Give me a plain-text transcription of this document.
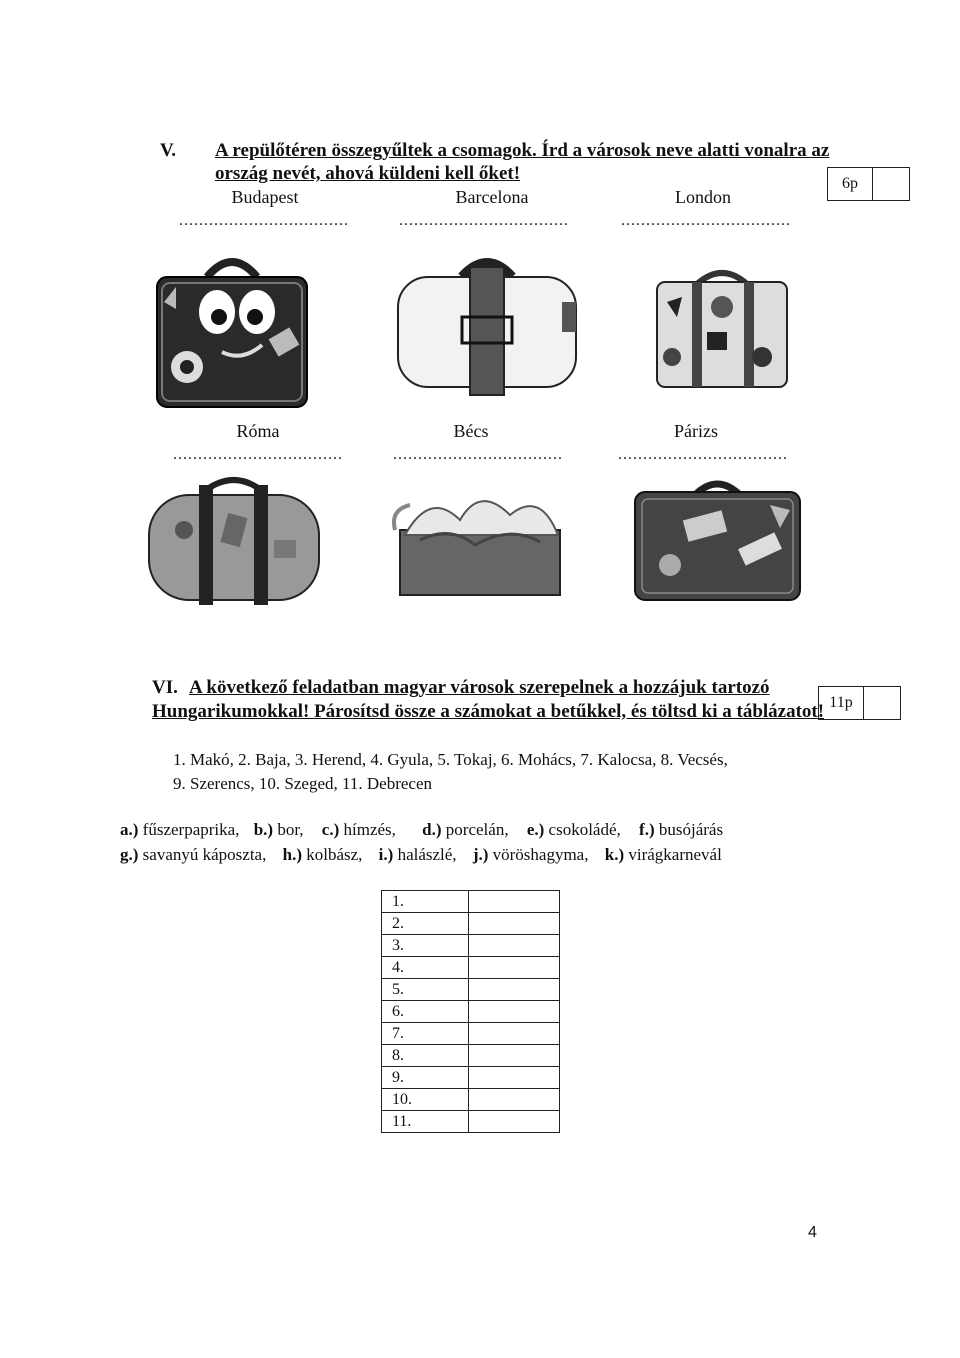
V. A repülőtéren összegyűltek a csomagok. Írd a városok neve alatti vonalra az
ország nevét, ahová küldeni kell őket!	6p
Budapest	Barcelona	London
..................................	..................................	..................................
Róma	Bécs	Párizs
..................................	..................................	..................................
VI. A következő feladatban magyar városok szerepelnek a hozzájuk tartozó
Hungarikumokkal! Párosítsd össze a számokat a betűkkel, és töltsd ki a táblázatot! 11p
1. Makó, 2. Baja, 3. Herend, 4. Gyula, 5. Tokaj, 6. Mohács, 7. Kalocsa, 8. Vecsés,
9. Szerencs, 10. Szeged, 11. Debrecen
a.) fűszerpaprika, b.) bor, c.) hímzés, d.) porcelán, e.) csokoládé, f.) busójárás
g.) savanyú káposzta, h.) kolbász, i.) halászlé, j.) vöröshagyma, k.) virágkarnevál
1.	
2.	
3.	
4.	
5.	
6.	
7.	
8.	
9.	
10.	
11.	
4
